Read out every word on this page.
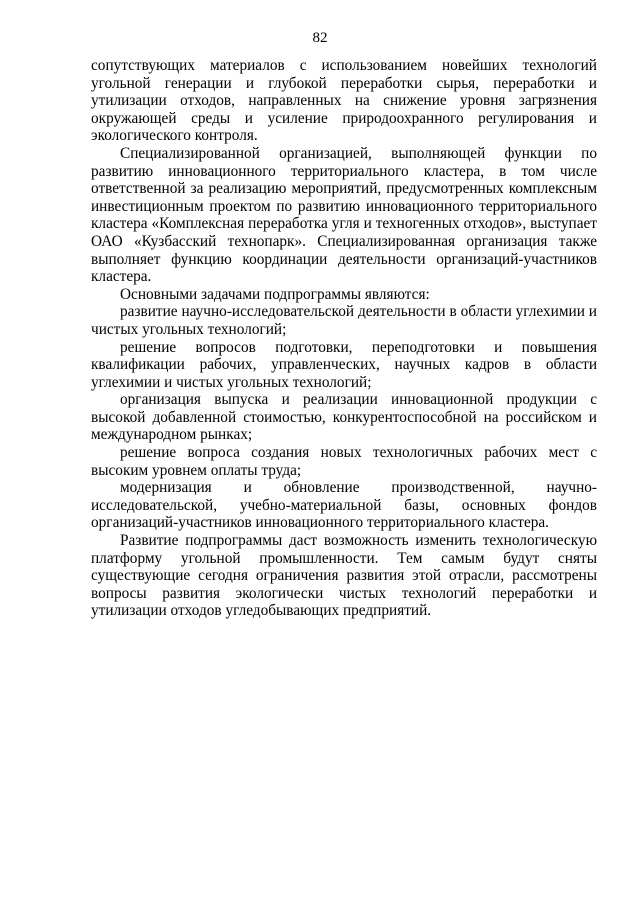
82

сопутствующих материалов с использованием новейших технологий угольной генерации и глубокой переработки сырья, переработки и утилизации отходов, направленных на снижение уровня загрязнения окружающей среды и усиление природоохранного регулирования и экологического контроля.

Специализированной организацией, выполняющей функции по развитию инновационного территориального кластера, в том числе ответственной за реализацию мероприятий, предусмотренных комплексным инвестиционным проектом по развитию инновационного территориального кластера «Комплексная переработка угля и техногенных отходов», выступает ОАО «Кузбасский технопарк». Специализированная организация также выполняет функцию координации деятельности организаций-участников кластера.

Основными задачами подпрограммы являются:

развитие научно-исследовательской деятельности в области углехимии и чистых угольных технологий;

решение вопросов подготовки, переподготовки и повышения квалификации рабочих, управленческих, научных кадров в области углехимии и чистых угольных технологий;

организация выпуска и реализации инновационной продукции с высокой добавленной стоимостью, конкурентоспособной на российском и международном рынках;

решение вопроса создания новых технологичных рабочих мест с высоким уровнем оплаты труда;

модернизация и обновление производственной, научно-исследовательской, учебно-материальной базы, основных фондов организаций-участников инновационного территориального кластера.

Развитие подпрограммы даст возможность изменить технологическую платформу угольной промышленности. Тем самым будут сняты существующие сегодня ограничения развития этой отрасли, рассмотрены вопросы развития экологически чистых технологий переработки и утилизации отходов угледобывающих предприятий.
